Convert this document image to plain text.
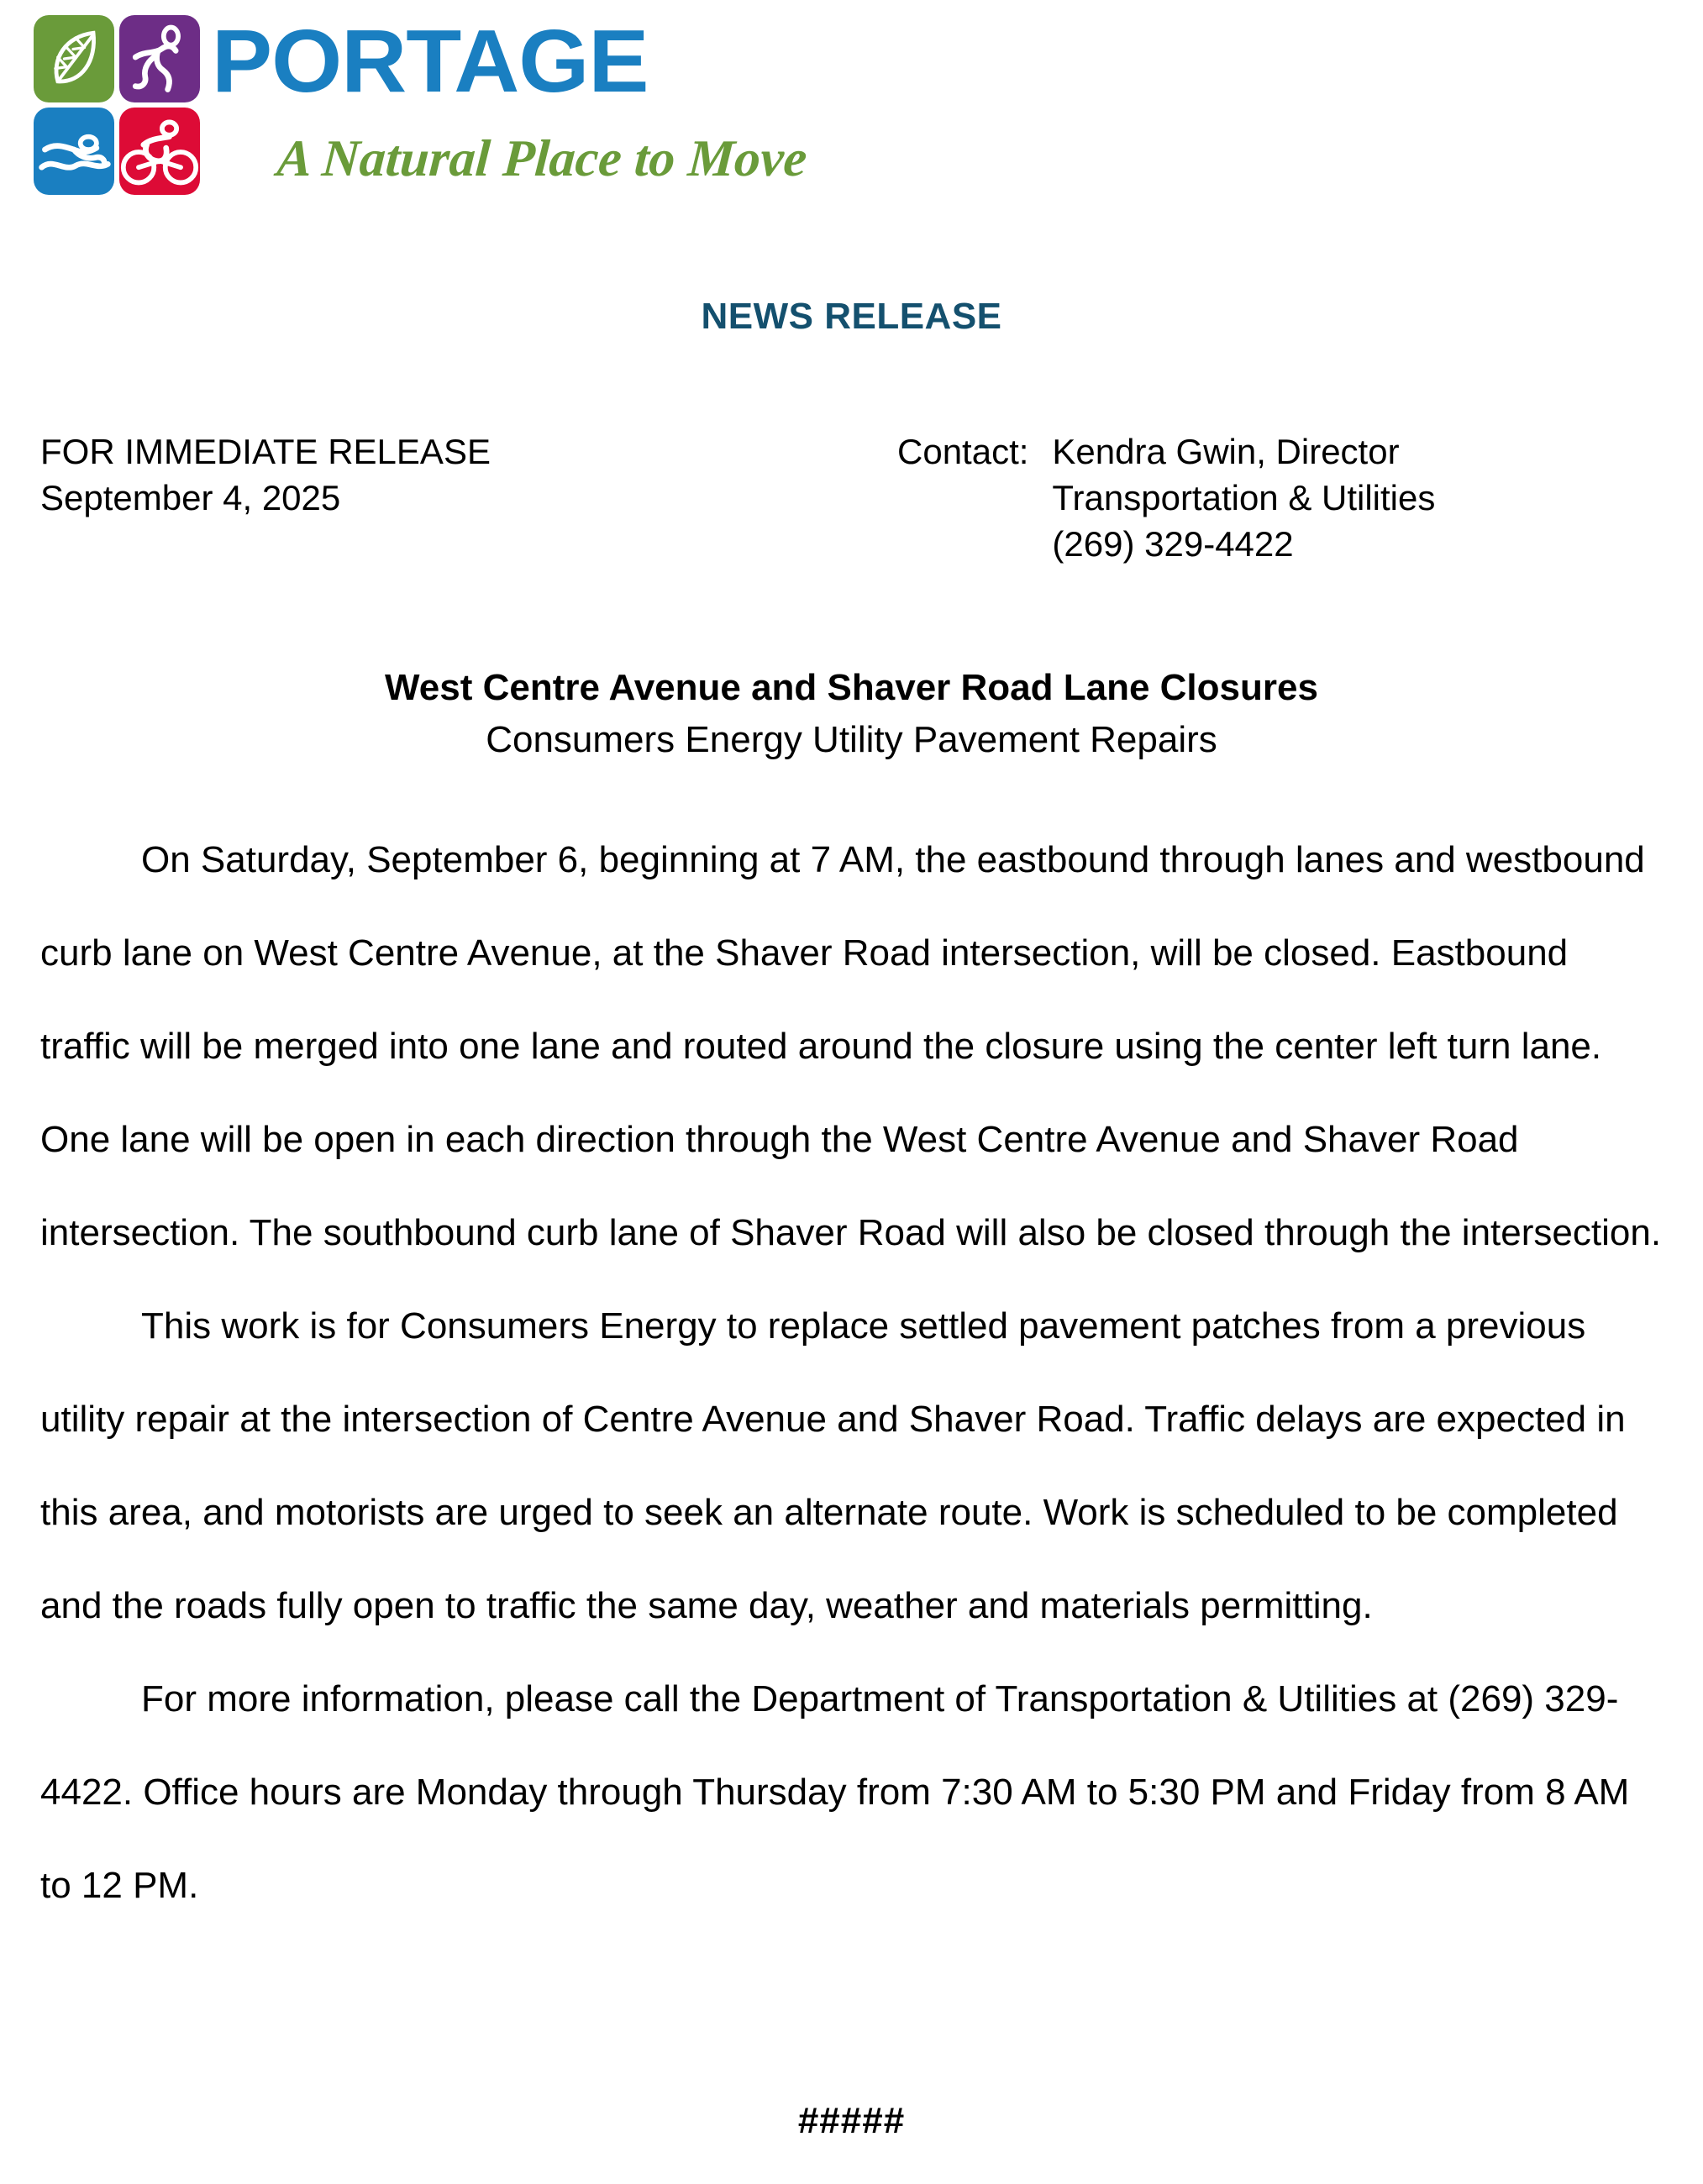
PORTAGE
A Natural Place to Move
NEWS RELEASE
FOR IMMEDIATE RELEASE
September 4, 2025
Contact: Kendra Gwin, Director
Transportation & Utilities
(269) 329-4422
West Centre Avenue and Shaver Road Lane Closures
Consumers Energy Utility Pavement Repairs

On Saturday, September 6, beginning at 7 AM, the eastbound through lanes and westbound curb lane on West Centre Avenue, at the Shaver Road intersection, will be closed. Eastbound traffic will be merged into one lane and routed around the closure using the center left turn lane. One lane will be open in each direction through the West Centre Avenue and Shaver Road intersection. The southbound curb lane of Shaver Road will also be closed through the intersection.

This work is for Consumers Energy to replace settled pavement patches from a previous utility repair at the intersection of Centre Avenue and Shaver Road. Traffic delays are expected in this area, and motorists are urged to seek an alternate route. Work is scheduled to be completed and the roads fully open to traffic the same day, weather and materials permitting.

For more information, please call the Department of Transportation & Utilities at (269) 329-4422. Office hours are Monday through Thursday from 7:30 AM to 5:30 PM and Friday from 8 AM to 12 PM.

#####
